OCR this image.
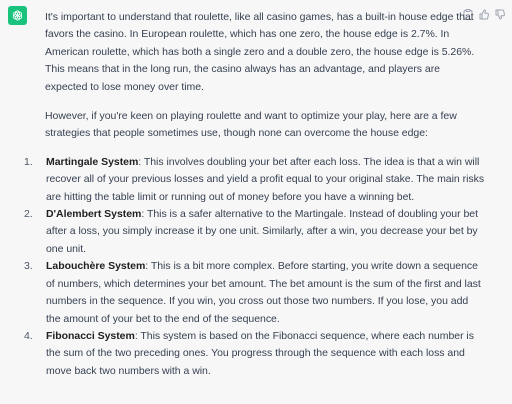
It's important to understand that roulette, like all casino games, has a built-in house edge that favors the casino. In European roulette, which has one zero, the house edge is 2.7%. In American roulette, which has both a single zero and a double zero, the house edge is 5.26%. This means that in the long run, the casino always has an advantage, and players are expected to lose money over time.

However, if you're keen on playing roulette and want to optimize your play, here are a few strategies that people sometimes use, though none can overcome the house edge:

1. Martingale System: This involves doubling your bet after each loss. The idea is that a win will recover all of your previous losses and yield a profit equal to your original stake. The main risks are hitting the table limit or running out of money before you have a winning bet.
2. D'Alembert System: This is a safer alternative to the Martingale. Instead of doubling your bet after a loss, you simply increase it by one unit. Similarly, after a win, you decrease your bet by one unit.
3. Labouchère System: This is a bit more complex. Before starting, you write down a sequence of numbers, which determines your bet amount. The bet amount is the sum of the first and last numbers in the sequence. If you win, you cross out those two numbers. If you lose, you add the amount of your bet to the end of the sequence.
4. Fibonacci System: This system is based on the Fibonacci sequence, where each number is the sum of the two preceding ones. You progress through the sequence with each loss and move back two numbers with a win.
